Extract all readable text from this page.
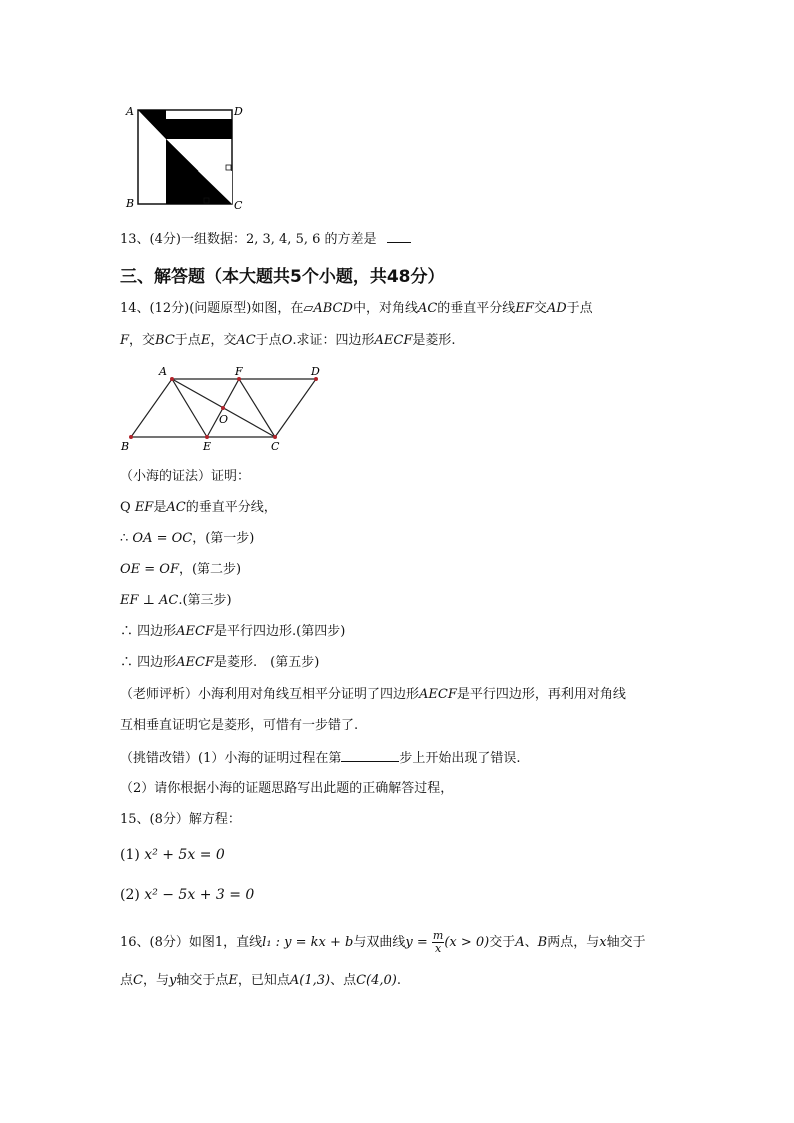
A	D
B	C
13、(4分)一组数据：2, 3, 4, 5, 6 的方差是
三、解答题（本大题共5个小题，共48分）
14、(12分)(问题原型)如图，在▱ABCD中，对角线AC的垂直平分线EF交AD于点
F，交BC于点E，交AC于点O.求证：四边形AECF是菱形.
A	F	D
O
B	E	C
（小海的证法）证明：
Q EF是AC的垂直平分线，
∴ OA = OC，(第一步)
OE = OF，(第二步)
EF ⊥ AC.(第三步)
∴ 四边形AECF是平行四边形.(第四步)
∴ 四边形AECF是菱形.　(第五步)
（老师评析）小海利用对角线互相平分证明了四边形AECF是平行四边形，再利用对角线
互相垂直证明它是菱形，可惜有一步错了.
（挑错改错）(1）小海的证明过程在第	步上开始出现了错误.
（2）请你根据小海的证题思路写出此题的正确解答过程，
15、(8分）解方程：
(1) x² + 5x = 0
(2) x² − 5x + 3 = 0
16、(8分）如图1，直线l₁ : y = kx + b与双曲线$y = \frac{m}{x} (x > 0)$交于A、B两点，与x轴交于
点C，与y轴交于点E，已知点A(1,3)、点C(4,0).
